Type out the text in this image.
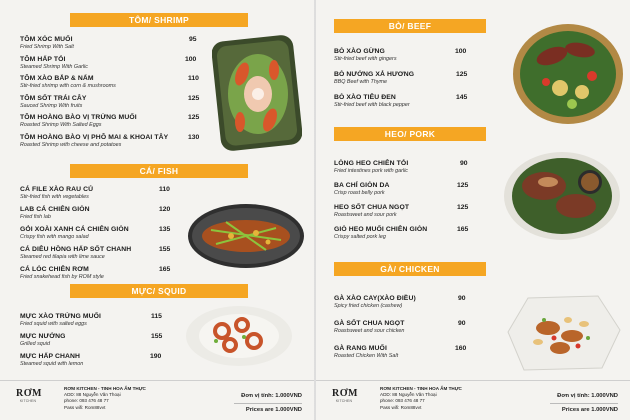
TÔM/ SHRIMP
TÔM XÓC MUỐI
Fried Shrimp With Salt
95
TÔM HẤP TỎI
Steamed Shrimp With Garlic
100
TÔM XÀO BẮP & NẤM
Stir-fried shrimp with corn & mushrooms
110
TÔM SỐT TRÁI CÂY
Sauced Shrimp With fruits
125
TÔM HOÀNG BÀO VỊ TRỨNG MUỐI
Roasted Shrimp With Salted Eggs
125
TÔM HOÀNG BÀO VỊ PHÔ MAI & KHOAI TÂY
Roasted Shrimp with cheese and potatoes
130
CÁ/ FISH
CÁ FILE XÀO RAU CỦ
Stir-fried fish with vegetables
110
LAB CÁ CHIÊN GIÒN
Fried fish lab
120
GỎI XOÀI XANH CÁ CHIÊN GIÒN
Crispy fish with mango salad
135
CÁ DIÊU HỒNG HẤP SỐT CHANH
Steamed red tilapia with lime sauce
155
CÁ LÓC CHIÊN RƠM
Fried snakehead fish by ROM style
165
MỰC/ SQUID
MỰC XÀO TRỨNG MUỐI
Fried squid with salted eggs
115
MỰC NƯỚNG
Grilled squid
155
MỰC HẤP CHANH
Steamed squid with lemon
190
RƠM
KITCHEN
RƠM KITCHEN - TINH HOA ẨM THỰC
ADD: 88 Nguyễn Văn Thoại
phone: 093 476 48 77
Pass wifi: Rom88vvt
Đơn vị tính: 1.000VND
Prices are 1.000VND
BÒ/ BEEF
BÒ XÀO GỪNG
Stir-fried beef with gingers
100
BÒ NƯỚNG XẢ HƯƠNG
BBQ Beef with Thyme
125
BÒ XÀO TIÊU ĐEN
Stir-fried beef with black pepper
145
HEO/ PORK
LÒNG HEO CHIÊN TỎI
Fried intestines pork with garlic
90
BA CHỈ GIÒN DA
Crisp roast belly pork
125
HEO SỐT CHUA NGỌT
Roastsweet and sour pork
125
GIÒ HEO MUỐI CHIÊN GIÒN
Crispy salted pork leg
165
GÀ/ CHICKEN
GÀ XÀO CAY(XÀO ĐIỀU)
Spicy fried chicken (cashew)
90
GÀ SỐT CHUA NGỌT
Roastsweet and sour chicken
90
GÀ RANG MUỐI
Roasted Chicken With Salt
160
RƠM
KITCHEN
RƠM KITCHEN - TINH HOA ẨM THỰC
ADD: 88 Nguyễn Văn Thoại
phone: 093 476 48 77
Pass wifi: Rom88vvt
Đơn vị tính: 1.000VND
Prices are 1.000VND
